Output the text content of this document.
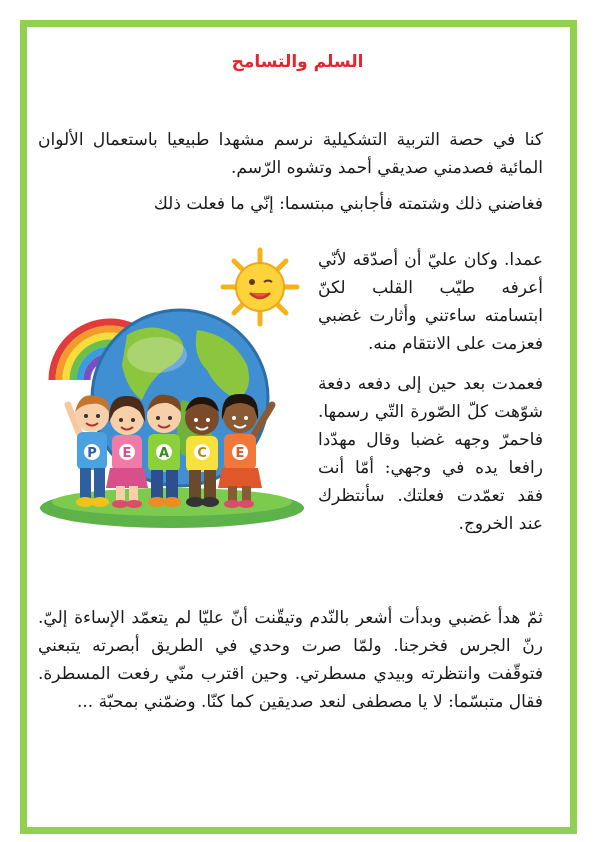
السلم والتسامح

كنا في حصة التربية التشكيلية نرسم مشهدا طبيعيا باستعمال الألوان المائية فصدمني صديقي أحمد وتشوه الرّسم.

فغاضني ذلك وشتمته فأجابني مبتسما: إنّي ما فعلت ذلك

عمدا. وكان عليّ أن أصدّقه لأنّي أعرفه طيّب القلب لكنّ ابتسامته ساءتني وأثارت غضبي فعزمت على الانتقام منه.

فعمدت بعد حين إلى دفعه دفعة شوّهت كلّ الصّورة التّي رسمها. فاحمرّ وجهه غضبا وقال مهدّدا رافعا يده في وجهي: أمّا أنت فقد تعمّدت فعلتك. سأنتظرك عند الخروج.

ثمّ هدأ غضبي وبدأت أشعر بالنّدم وتيقّنت أنّ عليّا لم يتعمّد الإساءة إليّ. رنّ الجرس فخرجنا. ولمّا صرت وحدي في الطريق أبصرته يتبعني فتوقّفت وانتظرته وبيدي مسطرتي. وحين اقترب منّي رفعت المسطرة. فقال متبسّما: لا يا مصطفى لنعد صديقين كما كنّا. وضمّني بمحبّة ...

P E A C E
